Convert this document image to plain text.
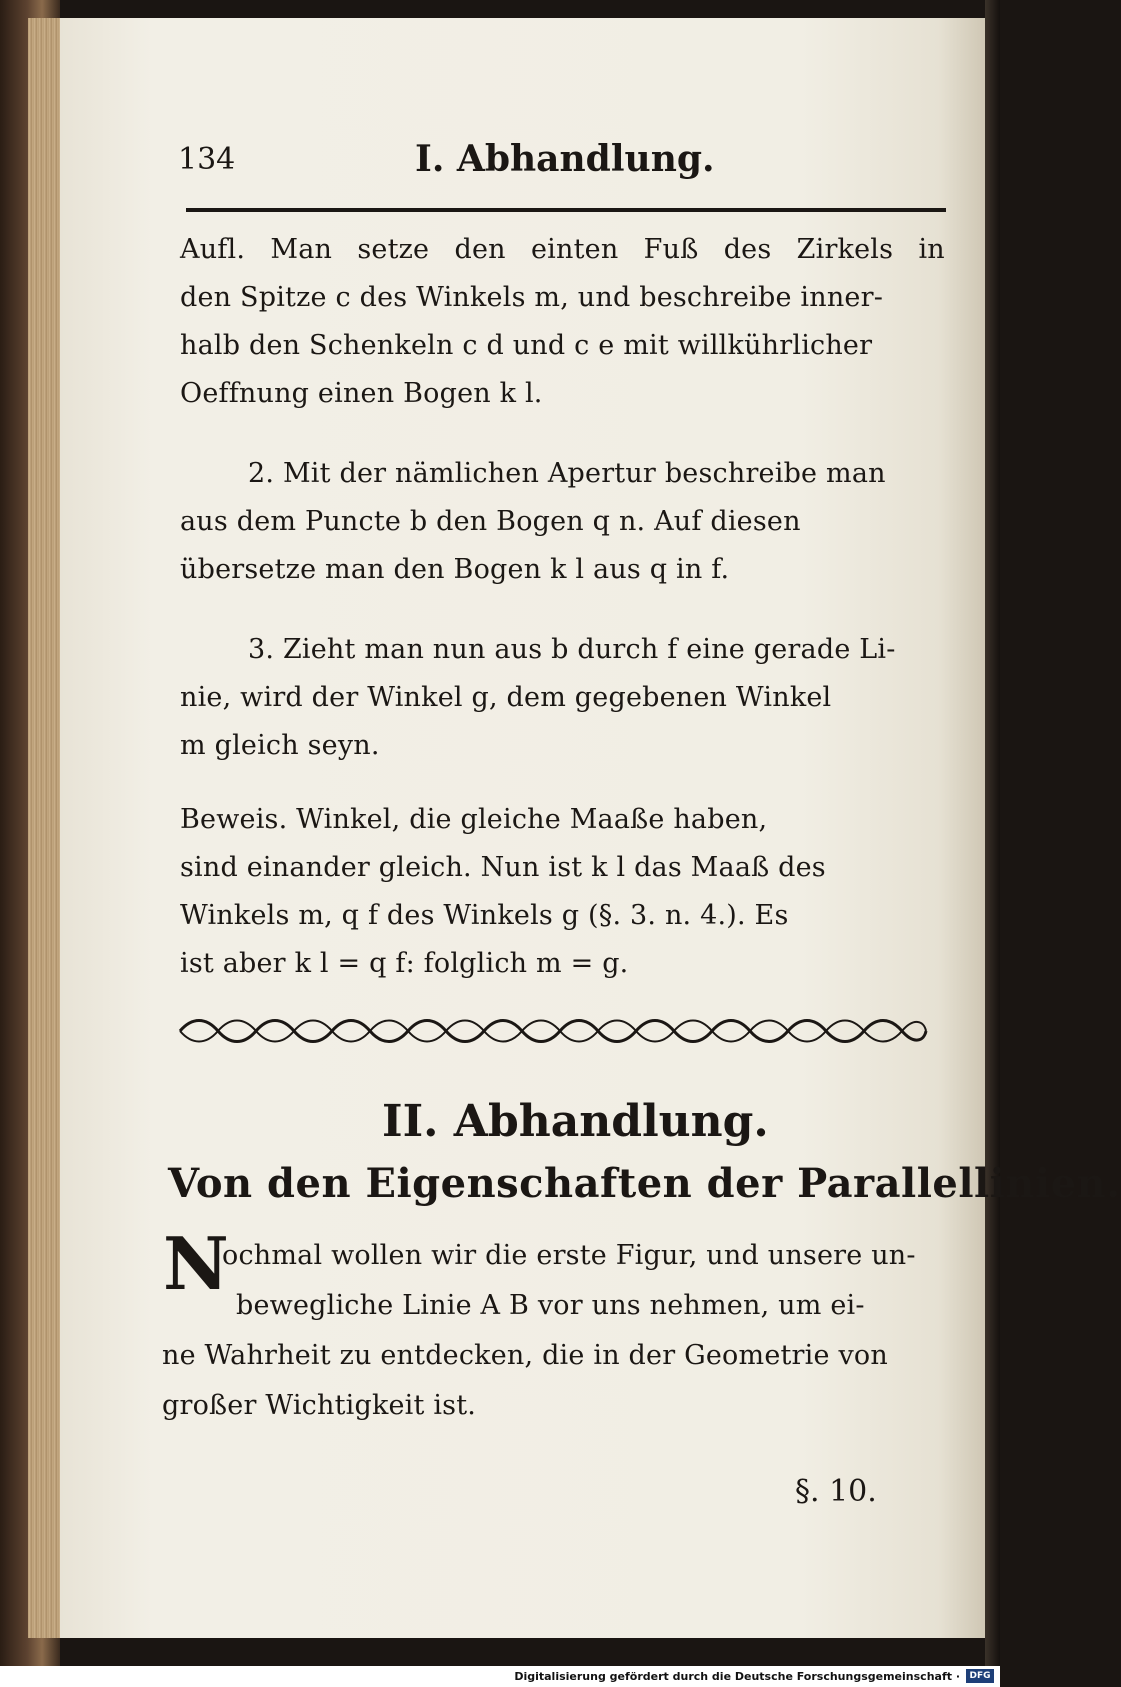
134	I. Abhandlung.
Aufl. Man setze den einten Fuß des Zirkels in
den Spitze c des Winkels m, und beschreibe inner-
halb den Schenkeln c d und c e mit willkührlicher
Oeffnung einen Bogen k l.
2. Mit der nämlichen Apertur beschreibe man
aus dem Puncte b den Bogen q n. Auf diesen
übersetze man den Bogen k l aus q in f.
3. Zieht man nun aus b durch f eine gerade Li-
nie, wird der Winkel g, dem gegebenen Winkel
m gleich seyn.
Beweis. Winkel, die gleiche Maaße haben,
sind einander gleich. Nun ist k l das Maaß des
Winkels m, q f des Winkels g (§. 3. n. 4.). Es
ist aber k l = q f: folglich m = g.
II. Abhandlung.
Von den Eigenschaften der Parallellinien.
N
ochmal wollen wir die erste Figur, und unsere un-
bewegliche Linie A B vor uns nehmen, um ei-
ne Wahrheit zu entdecken, die in der Geometrie von
großer Wichtigkeit ist.
§. 10.
Digitalisierung gefördert durch die Deutsche Forschungsgemeinschaft ·	DFG
